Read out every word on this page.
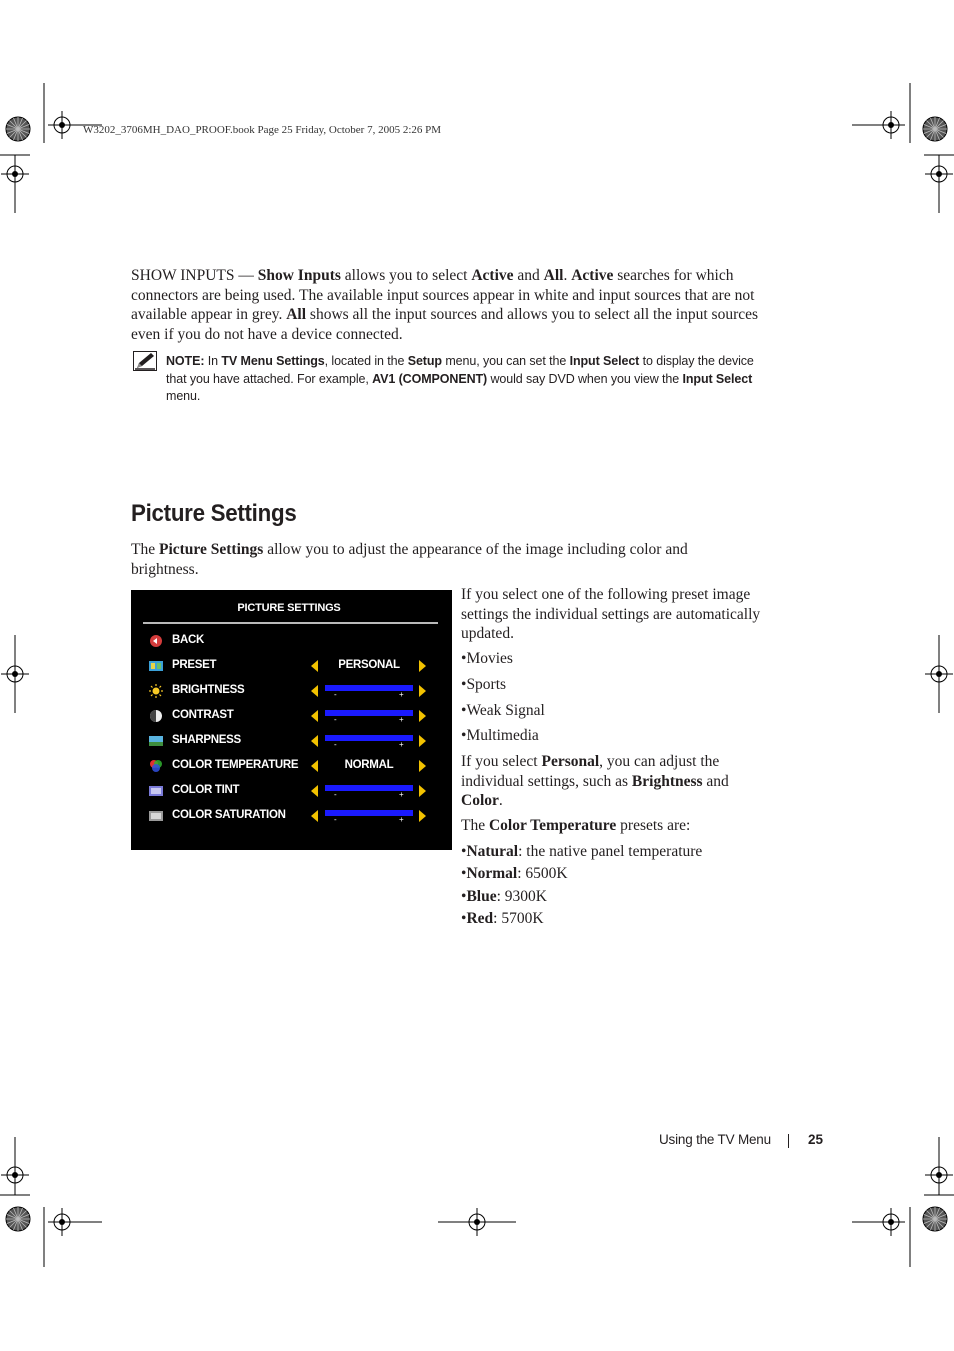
W3202_3706MH_DAO_PROOF.book Page 25 Friday, October 7, 2005 2:26 PM
SHOW INPUTS — Show Inputs allows you to select Active and All. Active searches for which connectors are being used. The available input sources appear in white and input sources that are not available appear in grey. All shows all the input sources and allows you to select all the input sources even if you do not have a device connected.
NOTE: In TV Menu Settings, located in the Setup menu, you can set the Input Select to display the device that you have attached. For example, AV1 (COMPONENT) would say DVD when you view the Input Select menu.
Picture Settings
The Picture Settings allow you to adjust the appearance of the image including color and brightness.
PICTURE SETTINGS
BACK
PRESET	PERSONAL
BRIGHTNESS	-	+
CONTRAST	-	+
SHARPNESS	-	+
COLOR TEMPERATURE	NORMAL
COLOR TINT	-	+
COLOR SATURATION	-	+
If you select one of the following preset image settings the individual settings are automatically updated.
•Movies
•Sports
•Weak Signal
•Multimedia
If you select Personal, you can adjust the individual settings, such as Brightness and Color.
The Color Temperature presets are:
•Natural: the native panel temperature
•Normal: 6500K
•Blue: 9300K
•Red: 5700K
Using the TV Menu	25
